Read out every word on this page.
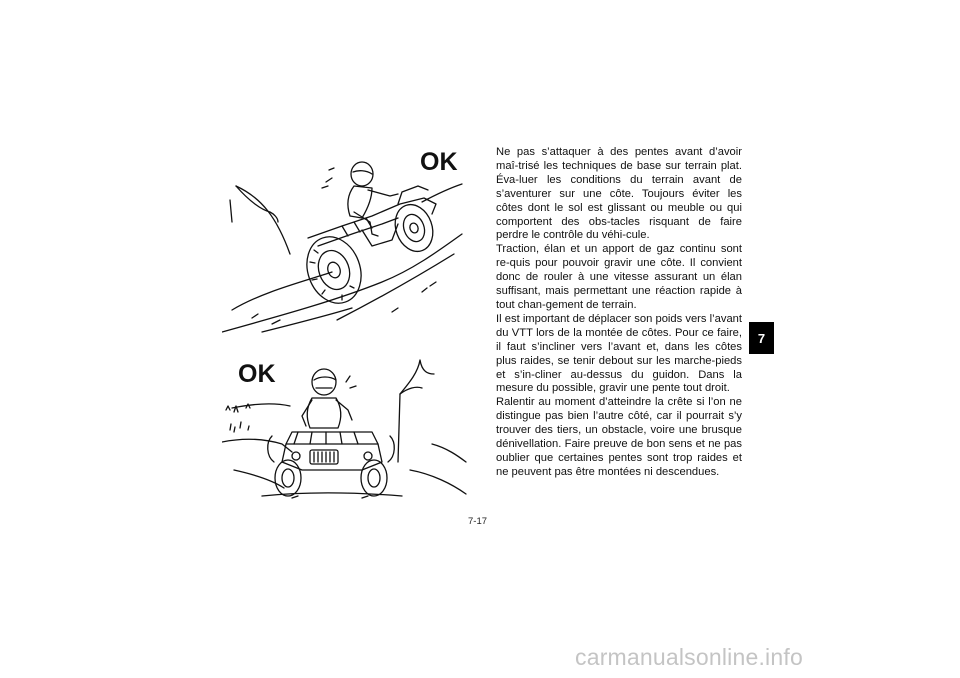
OK
OK

Ne pas s’attaquer à des pentes avant d’avoir maî-trisé les techniques de base sur terrain plat. Éva-luer les conditions du terrain avant de s’aventurer sur une côte. Toujours éviter les côtes dont le sol est glissant ou meuble ou qui comportent des obs-tacles risquant de faire perdre le contrôle du véhi-cule.

Traction, élan et un apport de gaz continu sont re-quis pour pouvoir gravir une côte. Il convient donc de rouler à une vitesse assurant un élan suffisant, mais permettant une réaction rapide à tout chan-gement de terrain.

Il est important de déplacer son poids vers l’avant du VTT lors de la montée de côtes. Pour ce faire, il faut s’incliner vers l’avant et, dans les côtes plus raides, se tenir debout sur les marche-pieds et s’in-cliner au-dessus du guidon. Dans la mesure du possible, gravir une pente tout droit.

Ralentir au moment d’atteindre la crête si l’on ne distingue pas bien l’autre côté, car il pourrait s’y trouver des tiers, un obstacle, voire une brusque dénivellation. Faire preuve de bon sens et ne pas oublier que certaines pentes sont trop raides et ne peuvent pas être montées ni descendues.

7-17
7
carmanualsonline.info
